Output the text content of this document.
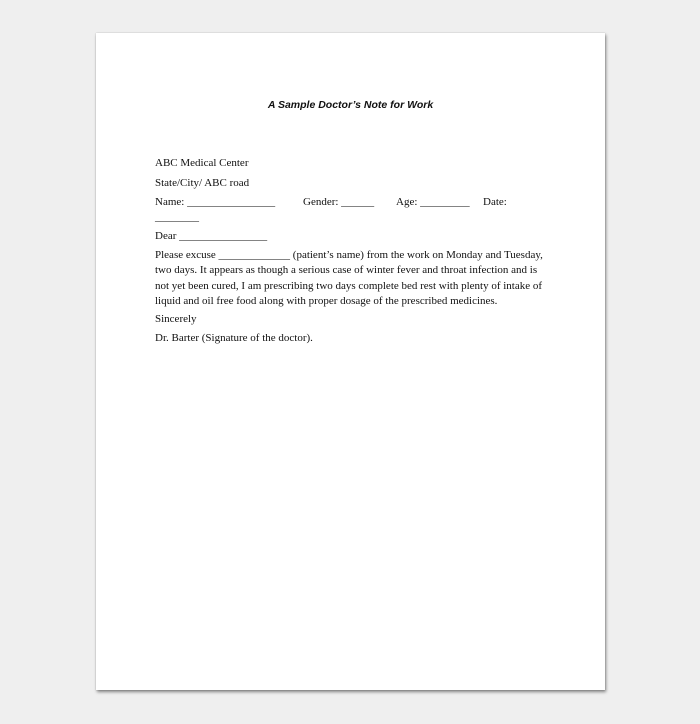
A Sample Doctor’s Note for Work
ABC Medical Center
State/City/ ABC road
Name: ________________	Gender: ______ Age: _________ Date:
________
Dear ________________
Please excuse _____________ (patient’s name) from the work on Monday and Tuesday,
two days. It appears as though a serious case of winter fever and throat infection and is
not yet been cured, I am prescribing two days complete bed rest with plenty of intake of
liquid and oil free food along with proper dosage of the prescribed medicines.
Sincerely
Dr. Barter (Signature of the doctor).
